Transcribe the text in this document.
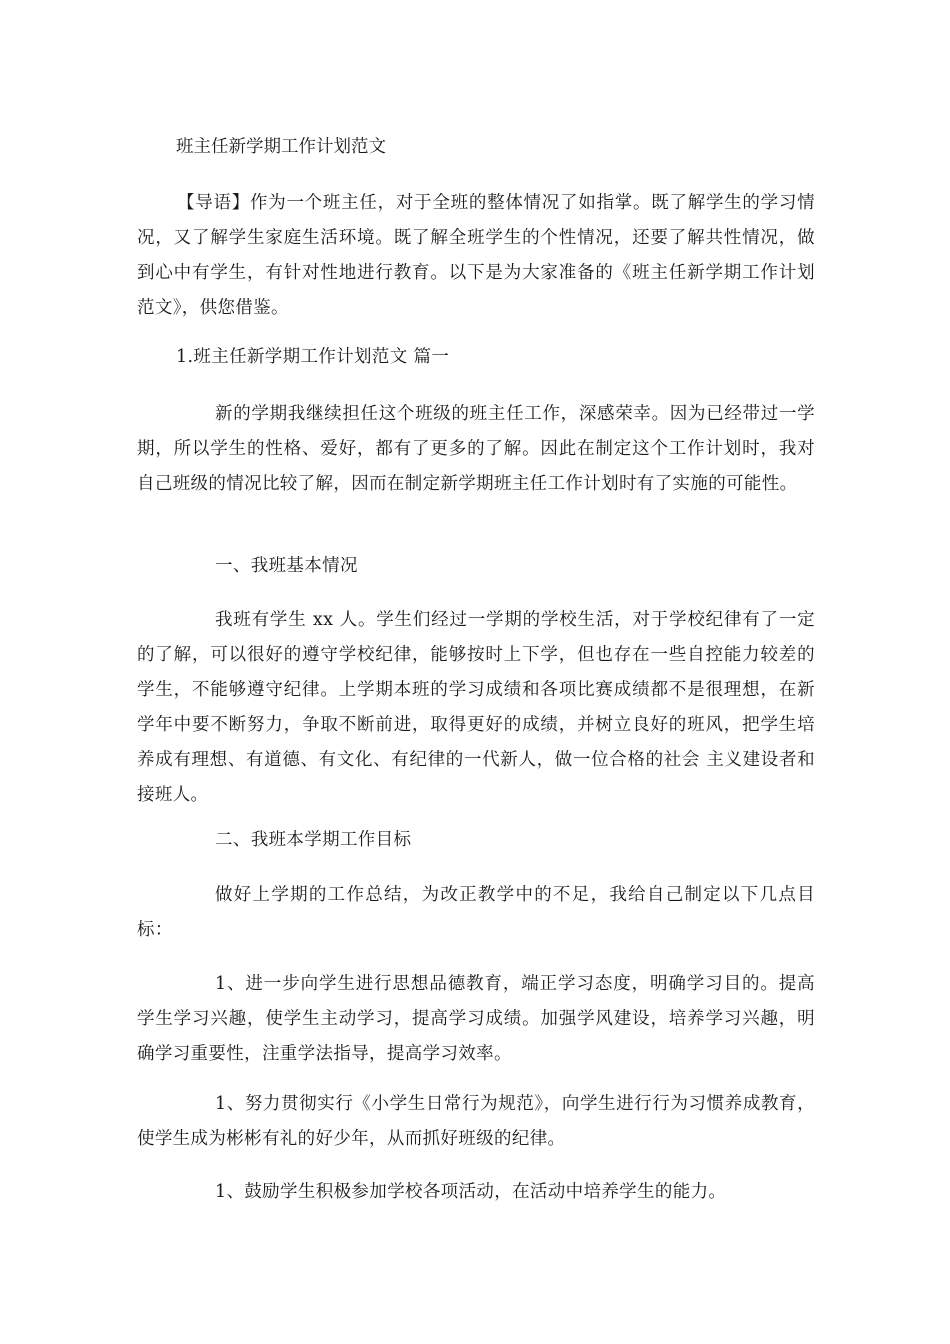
班主任新学期工作计划范文

【导语】作为一个班主任，对于全班的整体情况了如指掌。既了解学生的学习情况，又了解学生家庭生活环境。既了解全班学生的个性情况，还要了解共性情况，做到心中有学生，有针对性地进行教育。以下是为大家准备的《班主任新学期工作计划范文》，供您借鉴。

1.班主任新学期工作计划范文 篇一

新的学期我继续担任这个班级的班主任工作，深感荣幸。因为已经带过一学期，所以学生的性格、爱好，都有了更多的了解。因此在制定这个工作计划时，我对自己班级的情况比较了解，因而在制定新学期班主任工作计划时有了实施的可能性。

一、我班基本情况

我班有学生 xx 人。学生们经过一学期的学校生活，对于学校纪律有了一定的了解，可以很好的遵守学校纪律，能够按时上下学，但也存在一些自控能力较差的学生，不能够遵守纪律。上学期本班的学习成绩和各项比赛成绩都不是很理想，在新学年中要不断努力，争取不断前进，取得更好的成绩，并树立良好的班风，把学生培养成有理想、有道德、有文化、有纪律的一代新人，做一位合格的社会 主义建设者和接班人。

二、我班本学期工作目标

做好上学期的工作总结，为改正教学中的不足，我给自己制定以下几点目标：

1、进一步向学生进行思想品德教育，端正学习态度，明确学习目的。提高学生学习兴趣，使学生主动学习，提高学习成绩。加强学风建设，培养学习兴趣，明确学习重要性，注重学法指导，提高学习效率。

1、努力贯彻实行《小学生日常行为规范》，向学生进行行为习惯养成教育，使学生成为彬彬有礼的好少年，从而抓好班级的纪律。

1、鼓励学生积极参加学校各项活动，在活动中培养学生的能力。
